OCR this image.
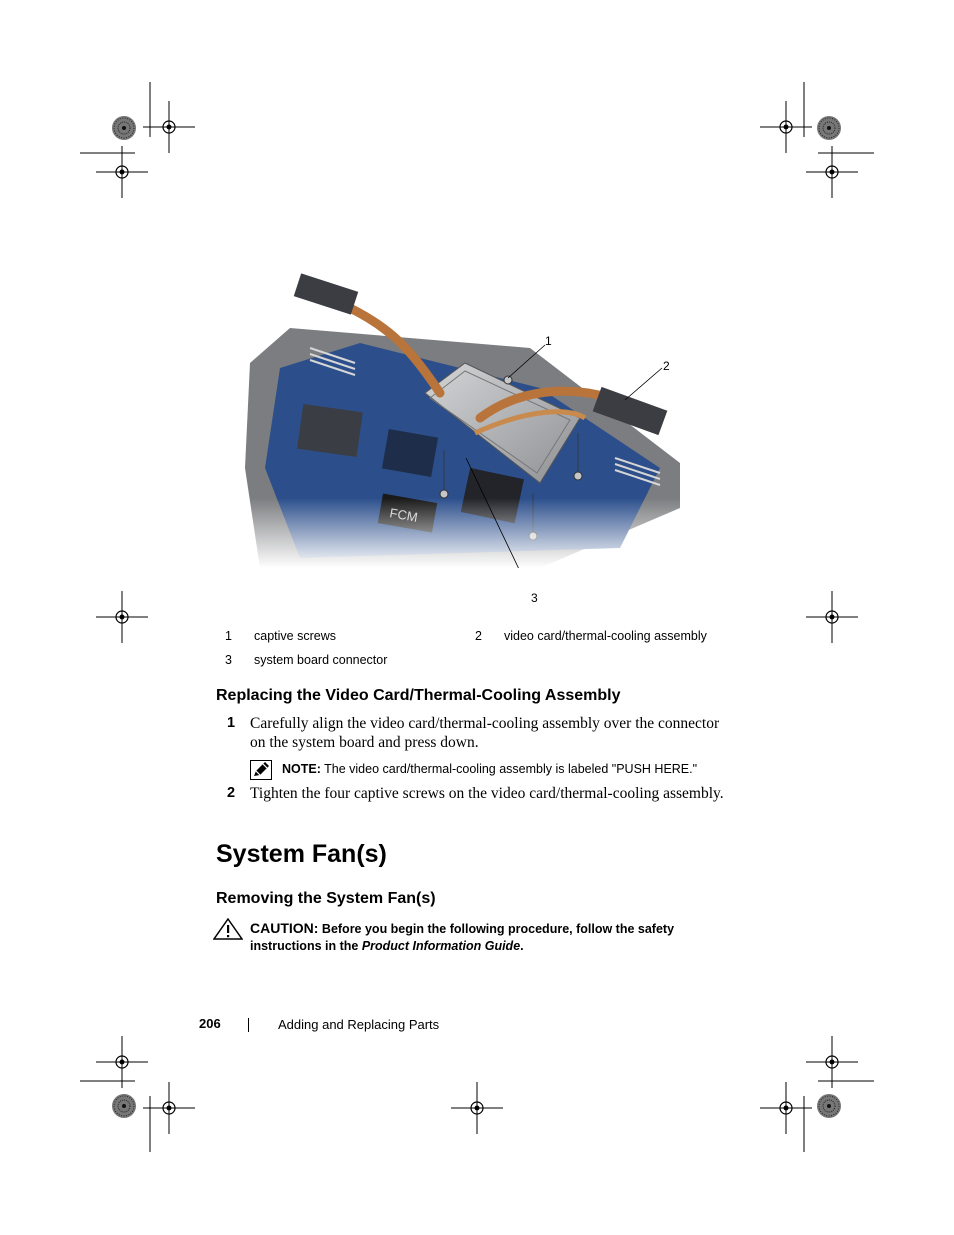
1
2
3
1 captive screws	2 video card/thermal-cooling assembly
3 system board connector
Replacing the Video Card/Thermal-Cooling Assembly
1 Carefully align the video card/thermal-cooling assembly over the connector on the system board and press down.
NOTE: The video card/thermal-cooling assembly is labeled "PUSH HERE."
2 Tighten the four captive screws on the video card/thermal-cooling assembly.
System Fan(s)
Removing the System Fan(s)
CAUTION: Before you begin the following procedure, follow the safety instructions in the Product Information Guide.
206	Adding and Replacing Parts
